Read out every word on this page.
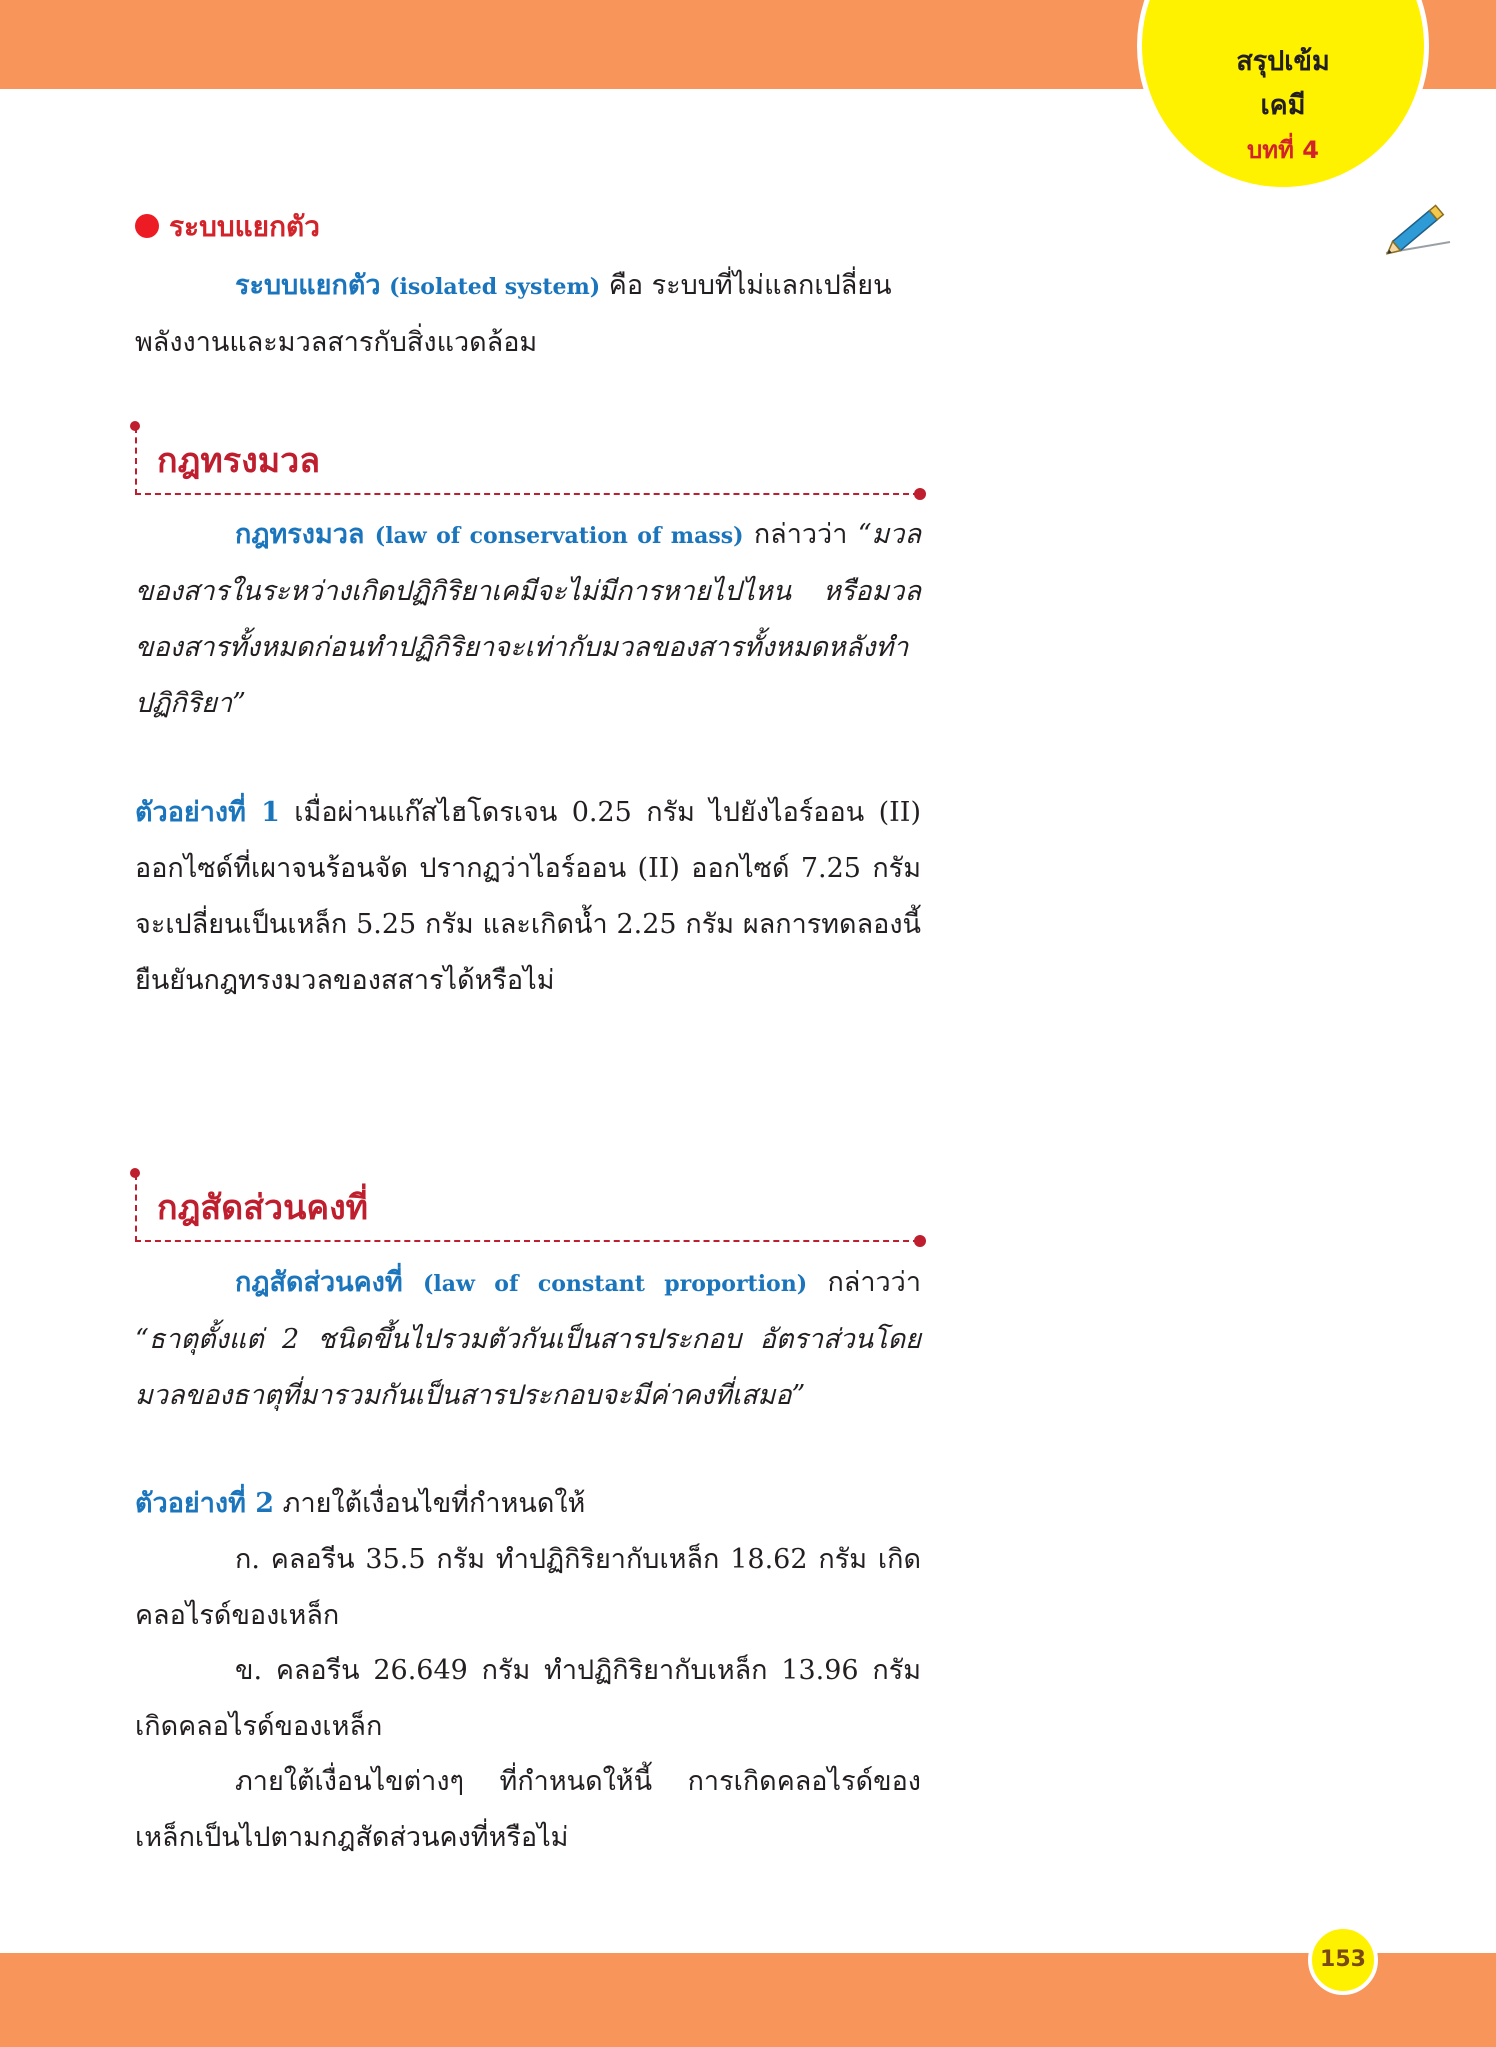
สรุปเข้ม
เคมี
บทที่ 4
ระบบแยกตัว

ระบบแยกตัว (isolated system) คือ ระบบที่ไม่แลกเปลี่ยน
พลังงานและมวลสารกับสิ่งแวดล้อม

กฎทรงมวล

กฎทรงมวล (law of conservation of mass) กล่าวว่า “มวลของสารในระหว่างเกิดปฏิกิริยาเคมีจะไม่มีการหายไปไหน หรือมวลของสารทั้งหมดก่อนทำปฏิกิริยาจะเท่ากับมวลของสารทั้งหมดหลังทำปฏิกิริยา”

ตัวอย่างที่ 1 เมื่อผ่านแก๊สไฮโดรเจน 0.25 กรัม ไปยังไอร์ออน (II) ออกไซด์ที่เผาจนร้อนจัด ปรากฏว่าไอร์ออน (II) ออกไซด์ 7.25 กรัม จะเปลี่ยนเป็นเหล็ก 5.25 กรัม และเกิดน้ำ 2.25 กรัม ผลการทดลองนี้ยืนยันกฎทรงมวลของสสารได้หรือไม่

กฎสัดส่วนคงที่

กฎสัดส่วนคงที่ (law of constant proportion) กล่าวว่า “ธาตุตั้งแต่ 2 ชนิดขึ้นไปรวมตัวกันเป็นสารประกอบ อัตราส่วนโดยมวลของธาตุที่มารวมกันเป็นสารประกอบจะมีค่าคงที่เสมอ”

ตัวอย่างที่ 2 ภายใต้เงื่อนไขที่กำหนดให้

ก. คลอรีน 35.5 กรัม ทำปฏิกิริยากับเหล็ก 18.62 กรัม เกิดคลอไรด์ของเหล็ก

ข. คลอรีน 26.649 กรัม ทำปฏิกิริยากับเหล็ก 13.96 กรัม เกิดคลอไรด์ของเหล็ก

ภายใต้เงื่อนไขต่างๆ ที่กำหนดให้นี้ การเกิดคลอไรด์ของเหล็กเป็นไปตามกฎสัดส่วนคงที่หรือไม่

153
